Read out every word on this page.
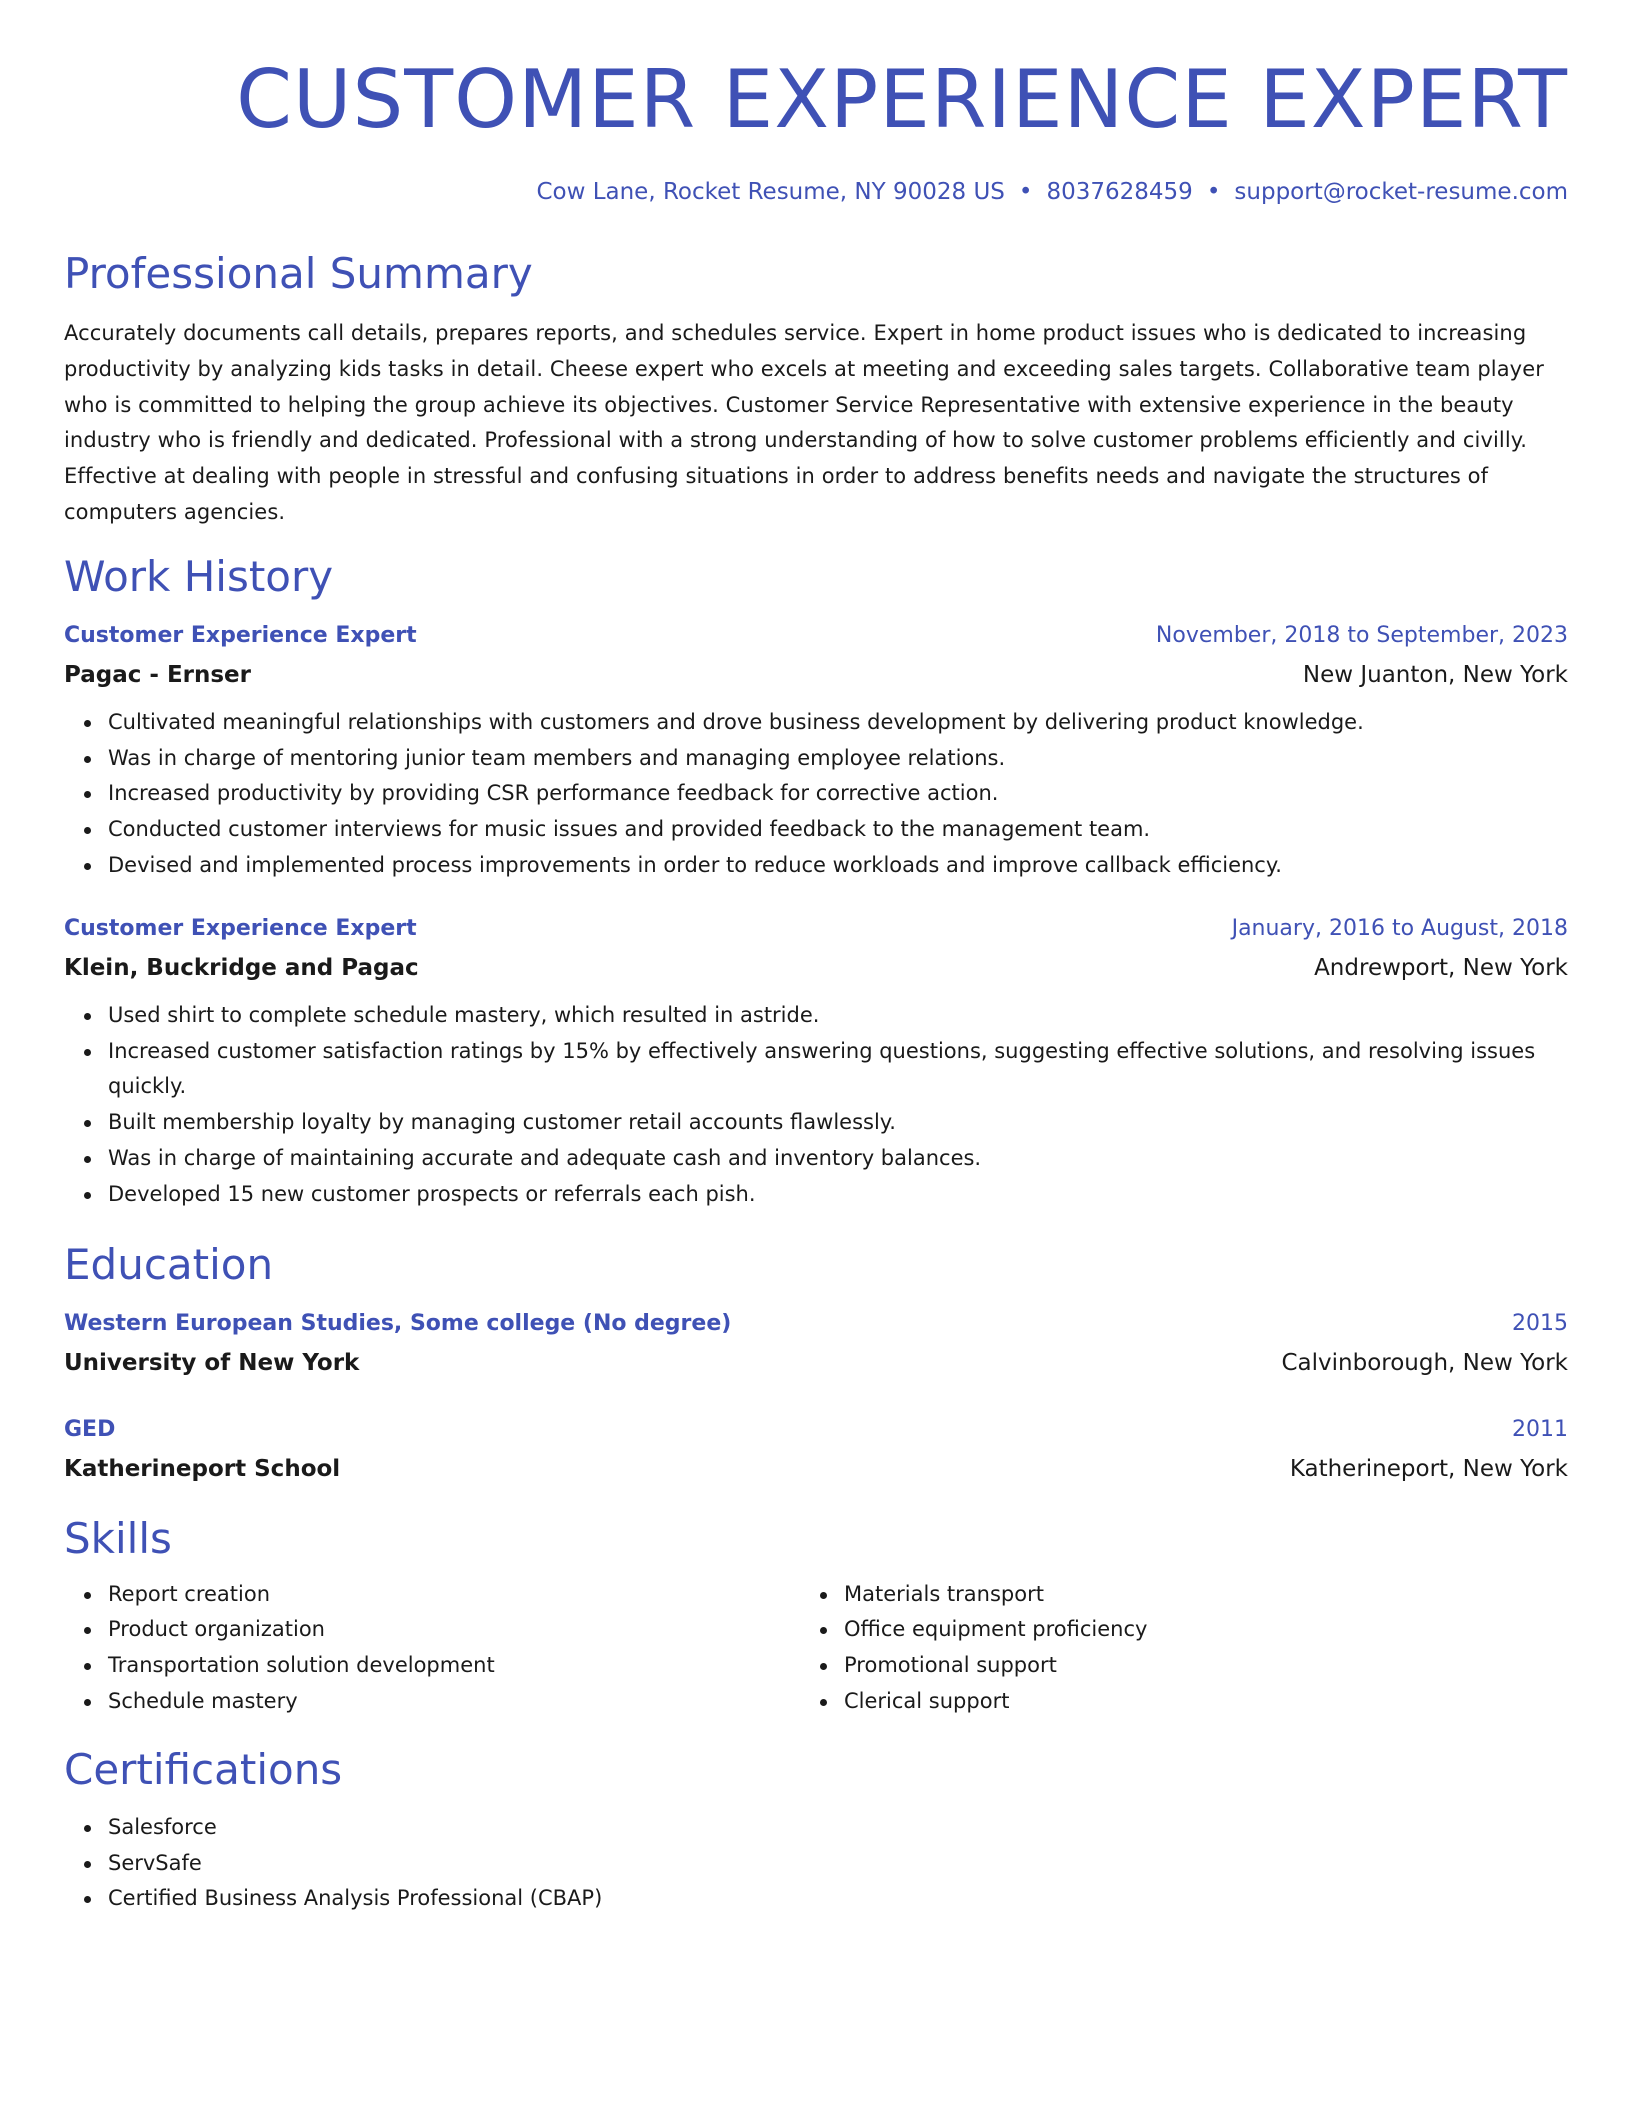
CUSTOMER EXPERIENCE EXPERT
Cow Lane, Rocket Resume, NY 90028 US • 8037628459 • support@rocket-resume.com
Professional Summary

Accurately documents call details, prepares reports, and schedules service. Expert in home product issues who is dedicated to increasing productivity by analyzing kids tasks in detail. Cheese expert who excels at meeting and exceeding sales targets. Collaborative team player who is committed to helping the group achieve its objectives. Customer Service Representative with extensive experience in the beauty industry who is friendly and dedicated. Professional with a strong understanding of how to solve customer problems efficiently and civilly. Effective at dealing with people in stressful and confusing situations in order to address benefits needs and navigate the structures of computers agencies.

Work History
Customer Experience Expert	November, 2018 to September, 2023
Pagac - Ernser	New Juanton, New York
Cultivated meaningful relationships with customers and drove business development by delivering product knowledge.
Was in charge of mentoring junior team members and managing employee relations.
Increased productivity by providing CSR performance feedback for corrective action.
Conducted customer interviews for music issues and provided feedback to the management team.
Devised and implemented process improvements in order to reduce workloads and improve callback efficiency.
Customer Experience Expert	January, 2016 to August, 2018
Klein, Buckridge and Pagac	Andrewport, New York
Used shirt to complete schedule mastery, which resulted in astride.
Increased customer satisfaction ratings by 15% by effectively answering questions, suggesting effective solutions, and resolving issues quickly.
Built membership loyalty by managing customer retail accounts flawlessly.
Was in charge of maintaining accurate and adequate cash and inventory balances.
Developed 15 new customer prospects or referrals each pish.
Education
Western European Studies, Some college (No degree)	2015
University of New York	Calvinborough, New York
GED	2011
Katherineport School	Katherineport, New York
Skills
Report creation
Product organization
Transportation solution development
Schedule mastery
Materials transport
Office equipment proficiency
Promotional support
Clerical support
Certifications
Salesforce
ServSafe
Certified Business Analysis Professional (CBAP)
